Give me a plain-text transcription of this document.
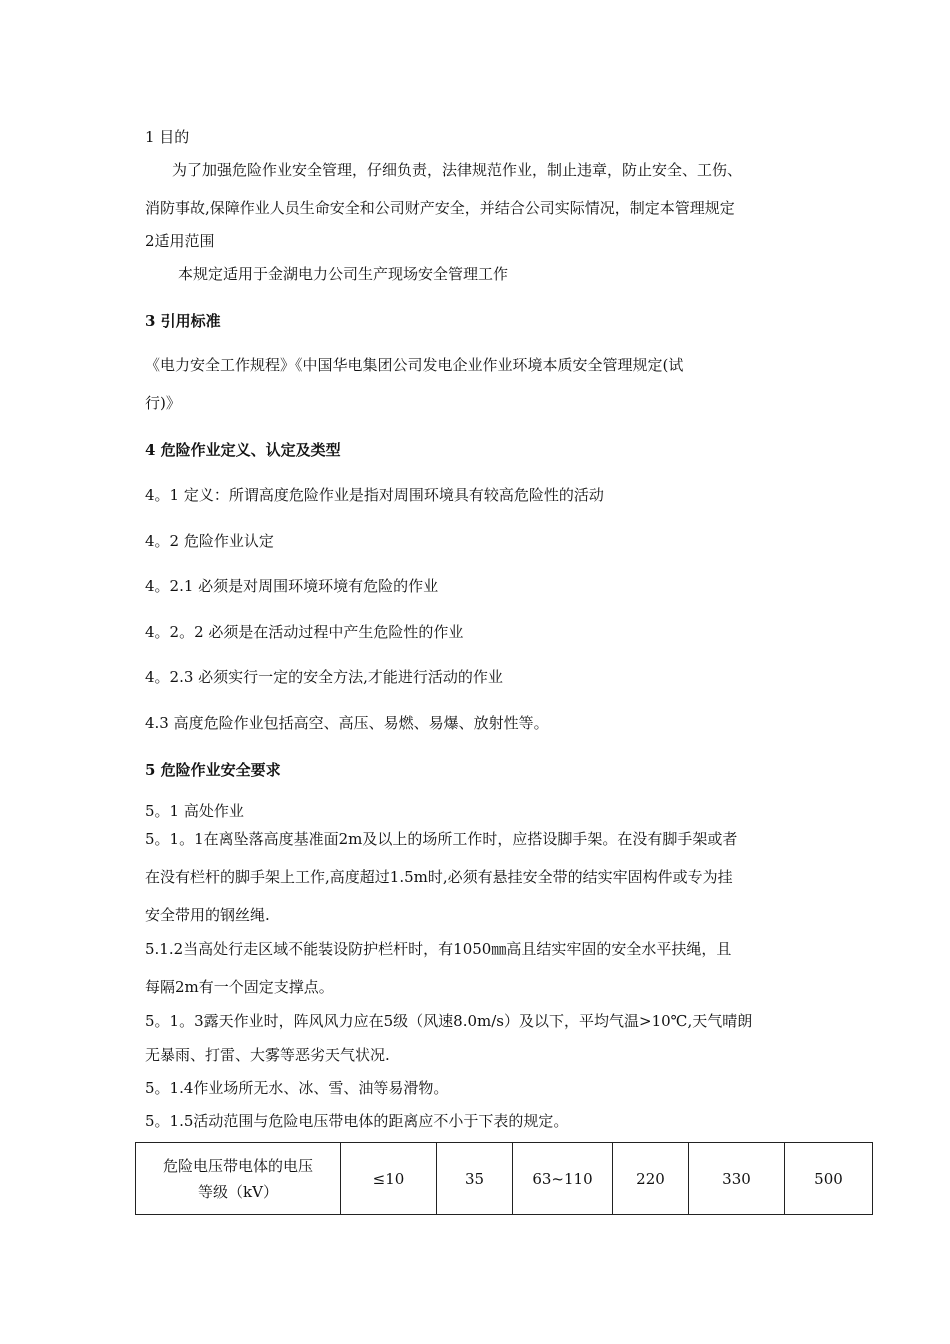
1 目的
为了加强危险作业安全管理，仔细负责，法律规范作业，制止违章，防止安全、工伤、
消防事故,保障作业人员生命安全和公司财产安全，并结合公司实际情况，制定本管理规定
2适用范围
本规定适用于金湖电力公司生产现场安全管理工作
3 引用标准
《电力安全工作规程》《中国华电集团公司发电企业作业环境本质安全管理规定(试
行)》
4 危险作业定义、认定及类型
4。1 定义：所谓高度危险作业是指对周围环境具有较高危险性的活动
4。2 危险作业认定
4。2.1 必须是对周围环境环境有危险的作业
4。2。2 必须是在活动过程中产生危险性的作业
4。2.3 必须实行一定的安全方法,才能进行活动的作业
4.3 高度危险作业包括高空、高压、易燃、易爆、放射性等。
5 危险作业安全要求
5。1 高处作业
5。1。1在离坠落高度基准面2m及以上的场所工作时，应搭设脚手架。在没有脚手架或者
在没有栏杆的脚手架上工作,高度超过1.5m时,必须有悬挂安全带的结实牢固构件或专为挂
安全带用的钢丝绳.
5.1.2当高处行走区域不能装设防护栏杆时，有1050㎜高且结实牢固的安全水平扶绳，且
每隔2m有一个固定支撑点。
5。1。3露天作业时，阵风风力应在5级（风速8.0m/s）及以下，平均气温>10℃,天气晴朗
无暴雨、打雷、大雾等恶劣天气状况.
5。1.4作业场所无水、冰、雪、油等易滑物。
5。1.5活动范围与危险电压带电体的距离应不小于下表的规定。
危险电压带电体的电压
等级（kV）
	≤10	35	63~110	220	330	500
